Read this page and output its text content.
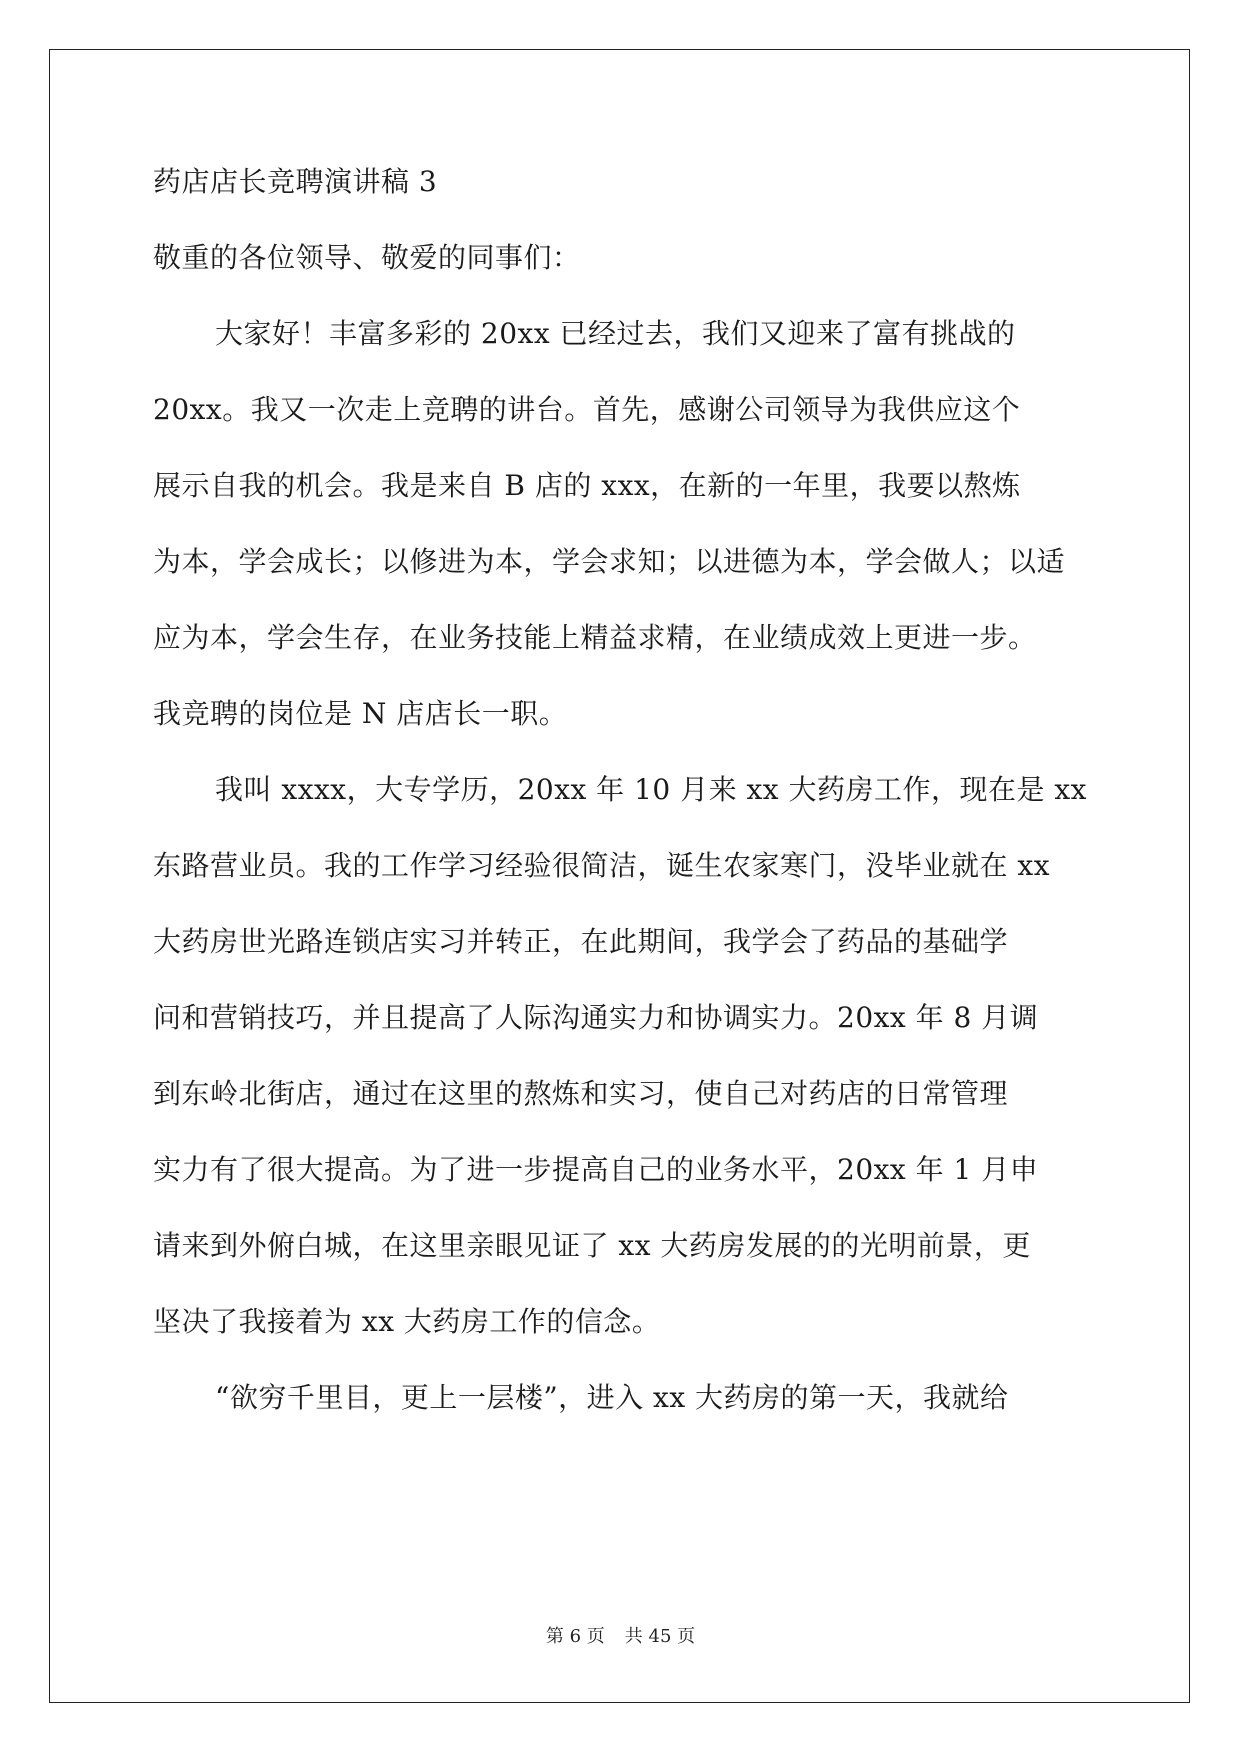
药店店长竞聘演讲稿 3
敬重的各位领导、敬爱的同事们：
大家好！丰富多彩的 20xx 已经过去，我们又迎来了富有挑战的
20xx。我又一次走上竞聘的讲台。首先，感谢公司领导为我供应这个
展示自我的机会。我是来自 B 店的 xxx，在新的一年里，我要以熬炼
为本，学会成长；以修进为本，学会求知；以进德为本，学会做人；以适
应为本，学会生存，在业务技能上精益求精，在业绩成效上更进一步。
我竞聘的岗位是 N 店店长一职。
我叫 xxxx，大专学历，20xx 年 10 月来 xx 大药房工作，现在是 xx
东路营业员。我的工作学习经验很简洁，诞生农家寒门，没毕业就在 xx
大药房世光路连锁店实习并转正，在此期间，我学会了药品的基础学
问和营销技巧，并且提高了人际沟通实力和协调实力。20xx 年 8 月调
到东岭北街店，通过在这里的熬炼和实习，使自己对药店的日常管理
实力有了很大提高。为了进一步提高自己的业务水平，20xx 年 1 月申
请来到外俯白城，在这里亲眼见证了 xx 大药房发展的的光明前景，更
坚决了我接着为 xx 大药房工作的信念。
“欲穷千里目，更上一层楼”，进入 xx 大药房的第一天，我就给
第 6 页 共 45 页
